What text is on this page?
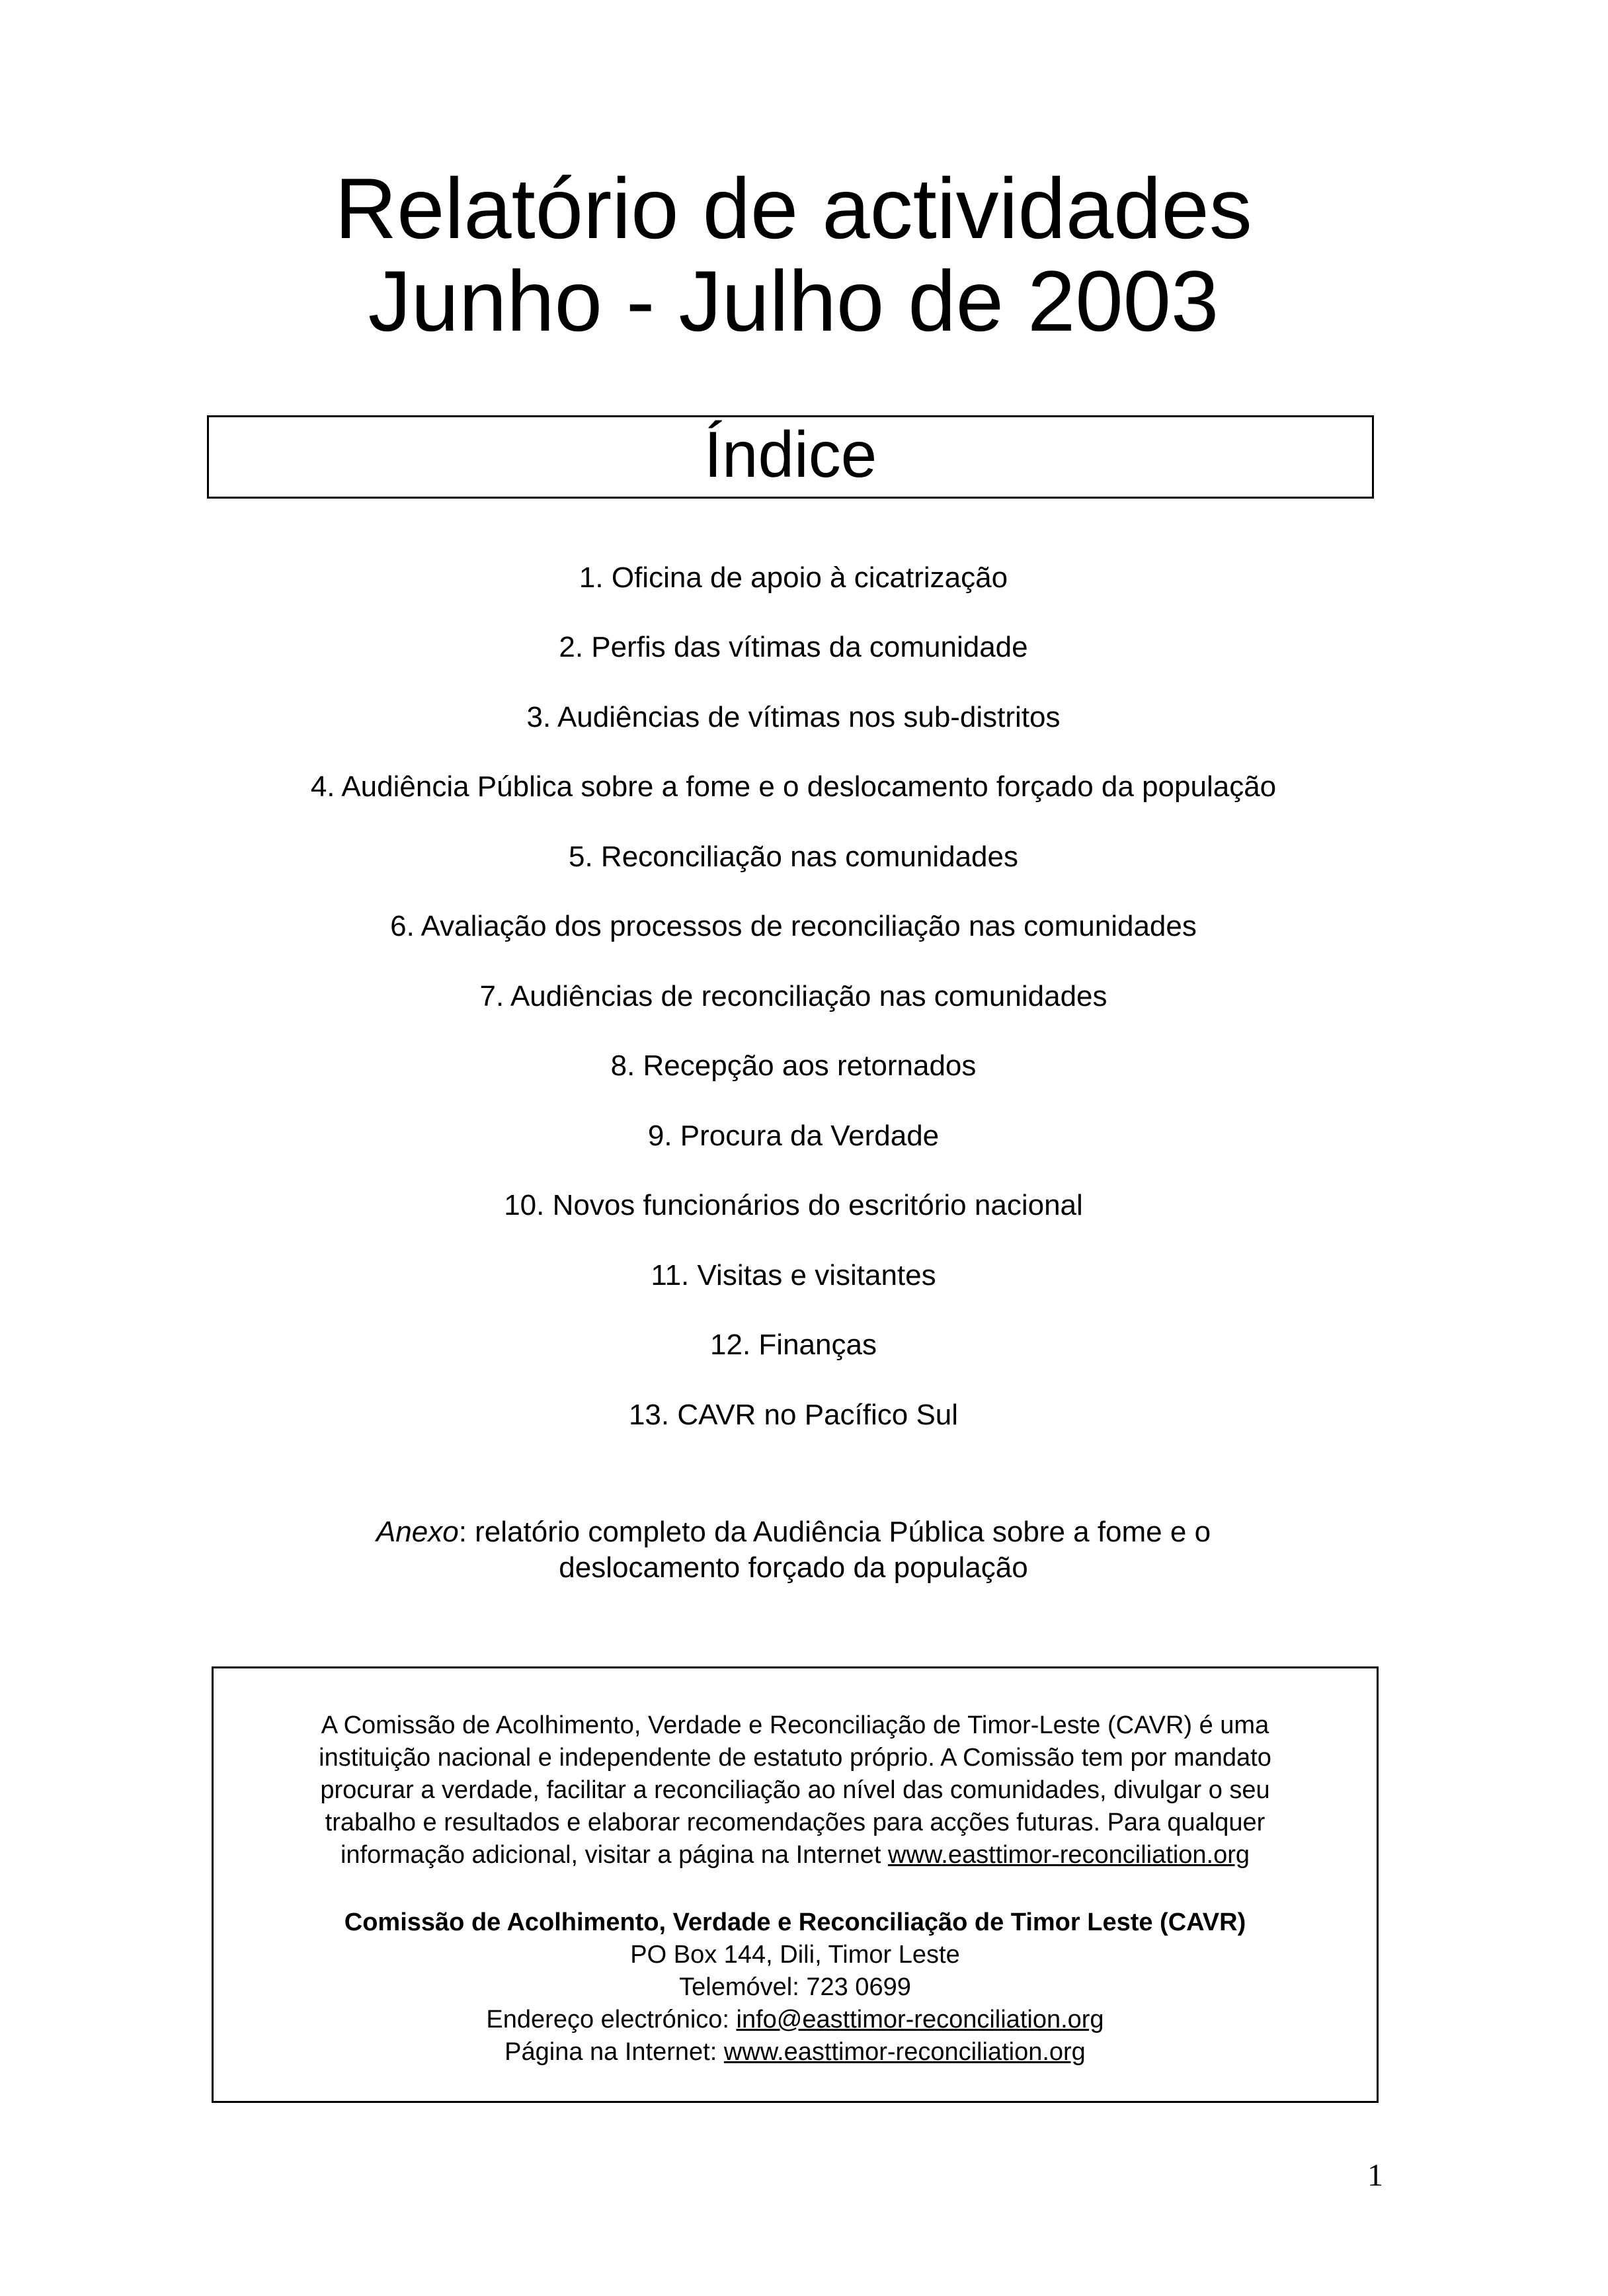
Relatório de actividades
Junho - Julho de 2003
Índice
1. Oficina de apoio à cicatrização
2. Perfis das vítimas da comunidade
3. Audiências de vítimas nos sub-distritos
4. Audiência Pública sobre a fome e o deslocamento forçado da população
5. Reconciliação nas comunidades
6. Avaliação dos processos de reconciliação nas comunidades
7. Audiências de reconciliação nas comunidades
8. Recepção aos retornados
9. Procura da Verdade
10. Novos funcionários do escritório nacional
11. Visitas e visitantes
12. Finanças
13. CAVR no Pacífico Sul
Anexo: relatório completo da Audiência Pública sobre a fome e o
deslocamento forçado da população
A Comissão de Acolhimento, Verdade e Reconciliação de Timor-Leste (CAVR) é uma
instituição nacional e independente de estatuto próprio. A Comissão tem por mandato
procurar a verdade, facilitar a reconciliação ao nível das comunidades, divulgar o seu
trabalho e resultados e elaborar recomendações para acções futuras. Para qualquer
informação adicional, visitar a página na Internet www.easttimor-reconciliation.org
Comissão de Acolhimento, Verdade e Reconciliação de Timor Leste (CAVR)
PO Box 144, Dili, Timor Leste
Telemóvel: 723 0699
Endereço electrónico: info@easttimor-reconciliation.org
Página na Internet: www.easttimor-reconciliation.org
1
